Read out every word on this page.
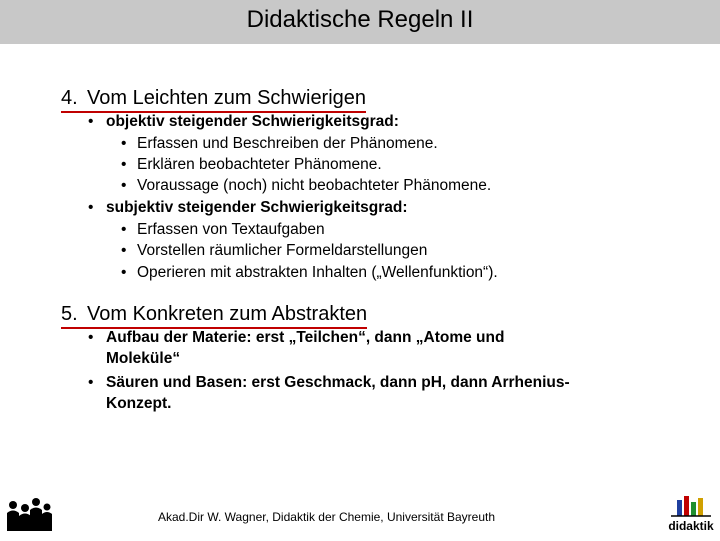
Didaktische Regeln II
4. Vom Leichten zum Schwierigen
• objektiv steigender Schwierigkeitsgrad:
• Erfassen und Beschreiben der Phänomene.
• Erklären beobachteter Phänomene.
• Voraussage (noch) nicht beobachteter Phänomene.
• subjektiv steigender Schwierigkeitsgrad:
• Erfassen von Textaufgaben
• Vorstellen räumlicher Formeldarstellungen
• Operieren mit abstrakten Inhalten („Wellenfunktion“).
5. Vom Konkreten zum Abstrakten
• Aufbau der Materie: erst „Teilchen“, dann „Atome und
Moleküle“
• Säuren und Basen: erst Geschmack, dann pH, dann Arrhenius-
Konzept.
Akad.Dir W. Wagner, Didaktik der Chemie, Universität Bayreuth
didaktik
